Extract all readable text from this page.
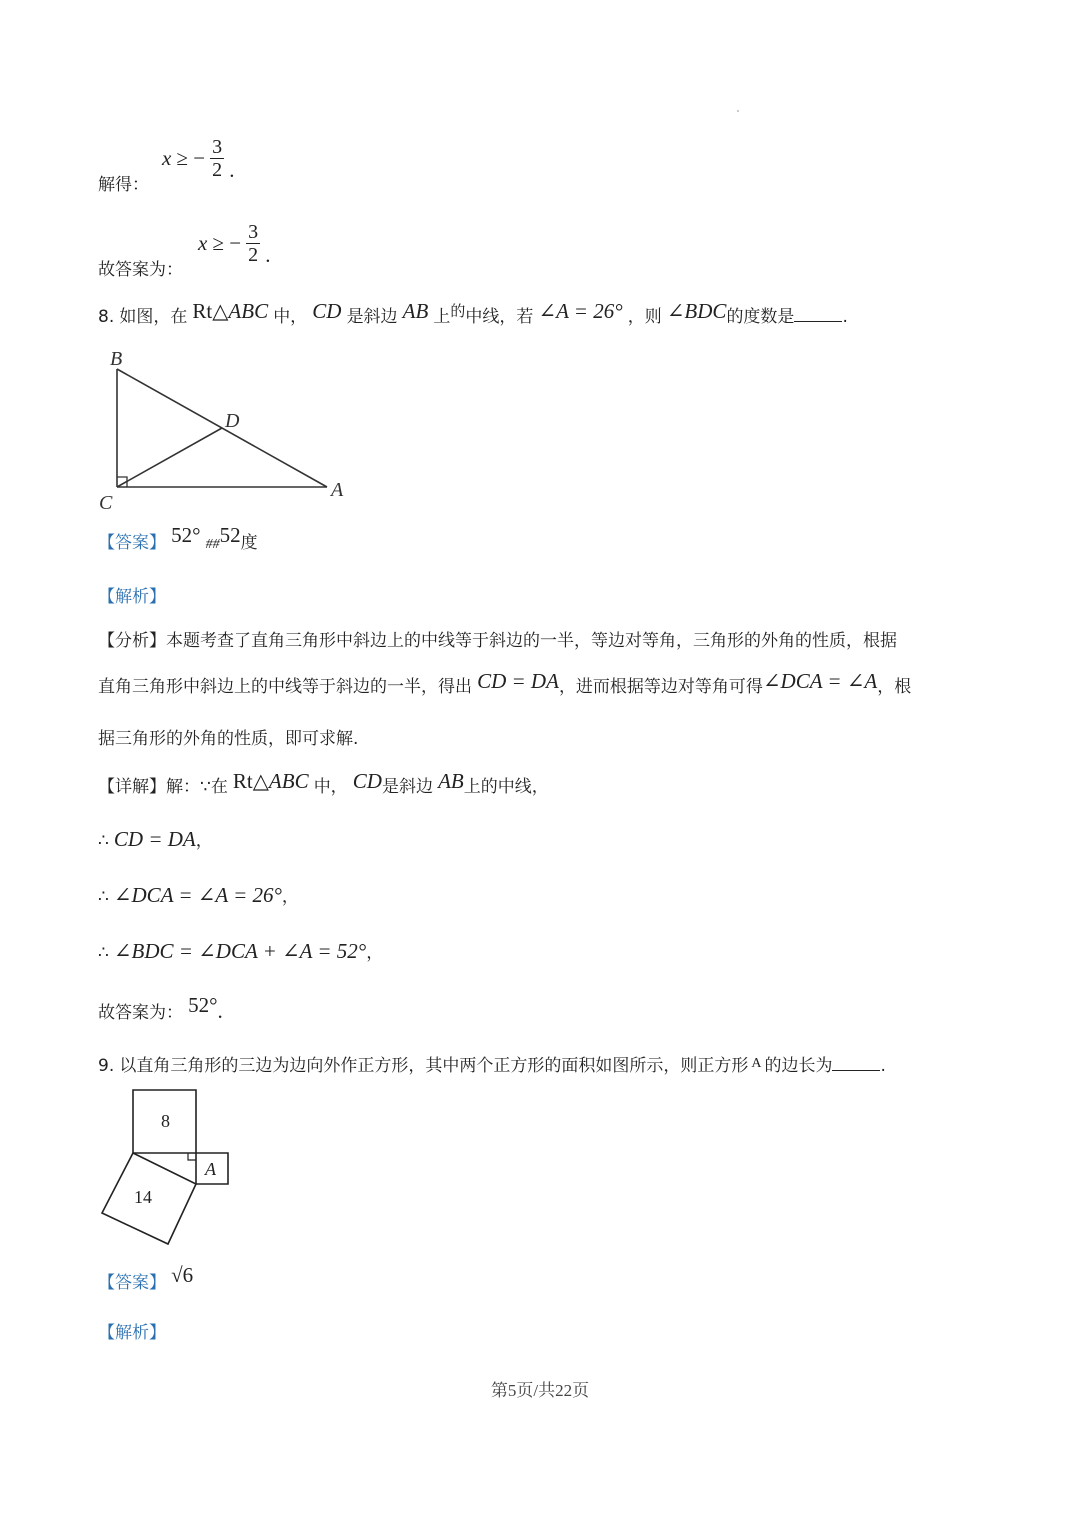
解得：
x ≥ − $\frac{3}{2}$ .
故答案为：
x ≥ − $\frac{3}{2}$ .
8. 如图，在 Rt△ABC 中， CD 是斜边 AB 上的中线，若 ∠A = 26° ，则 ∠BDC的度数是	.
B
D
C
A
【答案】 52° ##52度
【解析】
【分析】本题考查了直角三角形中斜边上的中线等于斜边的一半，等边对等角，三角形的外角的性质，根据
直角三角形中斜边上的中线等于斜边的一半，得出 CD = DA，进而根据等边对等角可得∠DCA = ∠A，根
据三角形的外角的性质，即可求解.
【详解】解：∵在 Rt△ABC 中， CD是斜边 AB上的中线，
∴ CD = DA，
∴ ∠DCA = ∠A = 26°，
∴ ∠BDC = ∠DCA + ∠A = 52°，
故答案为： 52°.
9. 以直角三角形的三边为边向外作正方形，其中两个正方形的面积如图所示，则正方形 A 的边长为	.
8
A
14
【答案】 √6
【解析】
第5页/共22页
